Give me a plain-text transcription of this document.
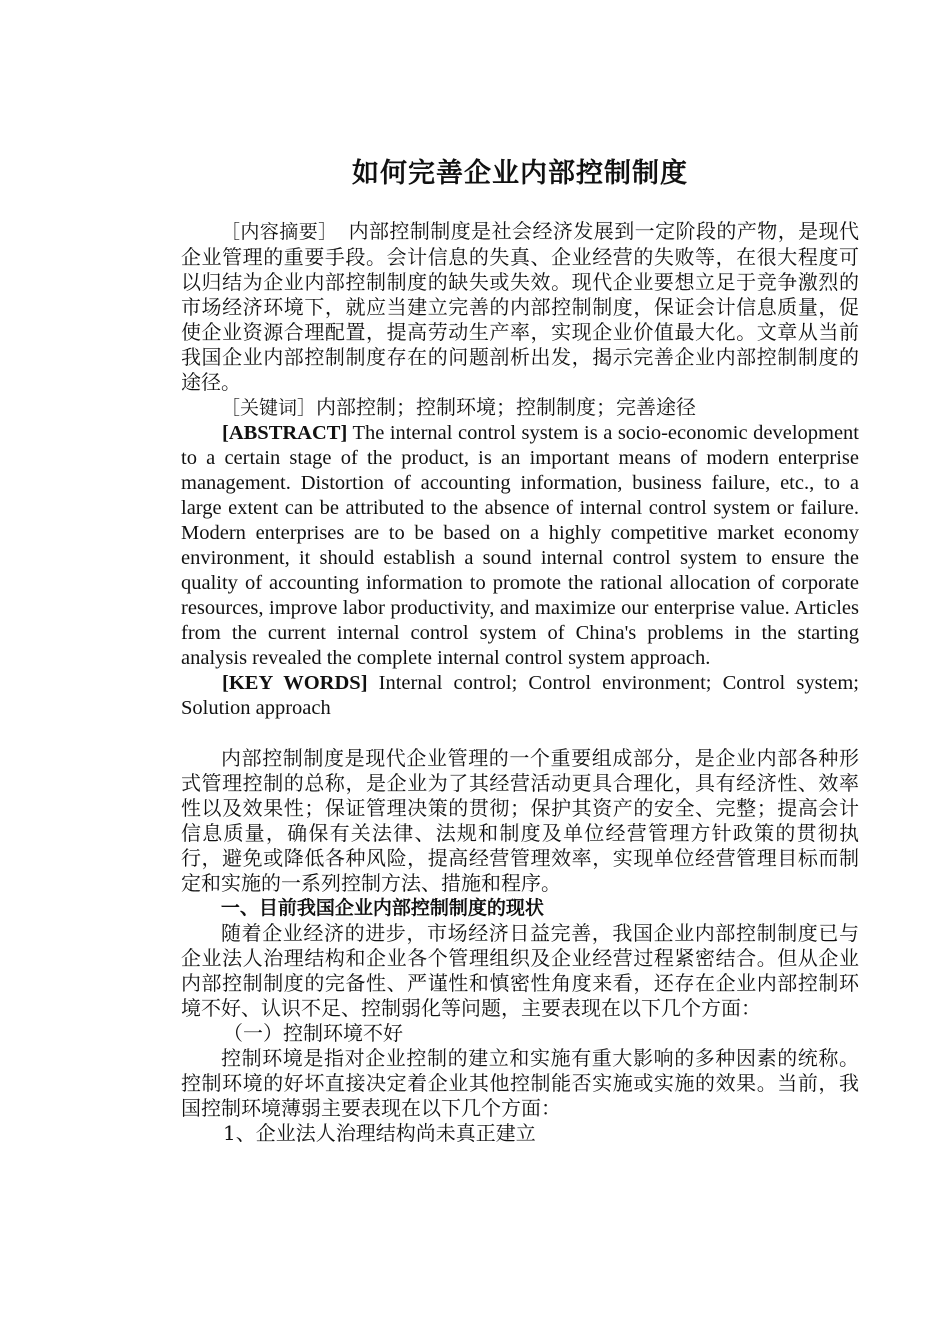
如何完善企业内部控制制度

［内容摘要］　 内部控制制度是社会经济发展到一定阶段的产物，是现代企业管理的重要手段。会计信息的失真、企业经营的失败等，在很大程度可以归结为企业内部控制制度的缺失或失效。现代企业要想立足于竞争激烈的市场经济环境下，就应当建立完善的内部控制制度，保证会计信息质量，促使企业资源合理配置，提高劳动生产率，实现企业价值最大化。文章从当前我国企业内部控制制度存在的问题剖析出发，揭示完善企业内部控制制度的途径。

［关键词］内部控制；控制环境；控制制度；完善途径

[ABSTRACT] The internal control system is a socio-economic development to a certain stage of the product, is an important means of modern enterprise management. Distortion of accounting information, business failure, etc., to a large extent can be attributed to the absence of internal control system or failure. Modern enterprises are to be based on a highly competitive market economy environment, it should establish a sound internal control system to ensure the quality of accounting information to promote the rational allocation of corporate resources, improve labor productivity, and maximize our enterprise value. Articles from the current internal control system of China's problems in the starting analysis revealed the complete internal control system approach.

[KEY WORDS] Internal control; Control environment; Control system; Solution approach

内部控制制度是现代企业管理的一个重要组成部分，是企业内部各种形式管理控制的总称，是企业为了其经营活动更具合理化，具有经济性、效率性以及效果性；保证管理决策的贯彻；保护其资产的安全、完整；提高会计信息质量，确保有关法律、法规和制度及单位经营管理方针政策的贯彻执行，避免或降低各种风险，提高经营管理效率，实现单位经营管理目标而制定和实施的一系列控制方法、措施和程序。

一、目前我国企业内部控制制度的现状

随着企业经济的进步，市场经济日益完善，我国企业内部控制制度已与企业法人治理结构和企业各个管理组织及企业经营过程紧密结合。但从企业内部控制制度的完备性、严谨性和慎密性角度来看，还存在企业内部控制环境不好、认识不足、控制弱化等问题，主要表现在以下几个方面：

（一）控制环境不好

控制环境是指对企业控制的建立和实施有重大影响的多种因素的统称。控制环境的好坏直接决定着企业其他控制能否实施或实施的效果。当前，我国控制环境薄弱主要表现在以下几个方面：

1、企业法人治理结构尚未真正建立
